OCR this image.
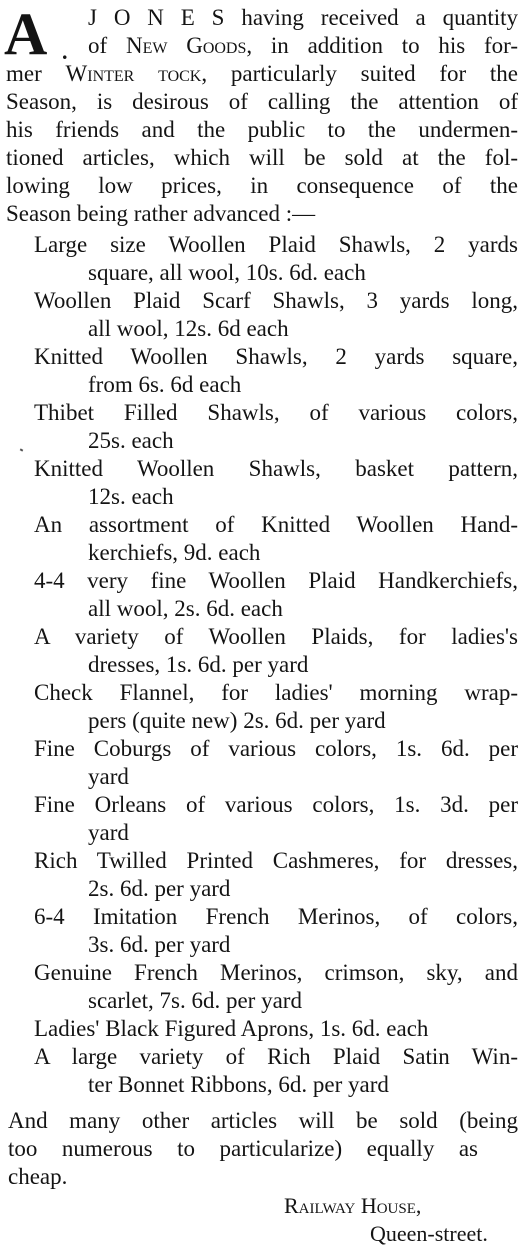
A .
J O N E S having received a quantity
of New Goods, in addition to his for-
mer Winter tock, particularly suited for the
Season, is desirous of calling the attention of
his friends and the public to the undermen-
tioned articles, which will be sold at the fol-
lowing low prices, in consequence of the
Season being rather advanced :—
Large size Woollen Plaid Shawls, 2 yards
square, all wool, 10s. 6d. each
Woollen Plaid Scarf Shawls, 3 yards long,
all wool, 12s. 6d each
Knitted Woollen Shawls, 2 yards square,
from 6s. 6d each
Thibet Filled Shawls, of various colors,
25s. each
Knitted Woollen Shawls, basket pattern,
12s. each
An assortment of Knitted Woollen Hand-
kerchiefs, 9d. each
4-4 very fine Woollen Plaid Handkerchiefs,
all wool, 2s. 6d. each
A variety of Woollen Plaids, for ladies's
dresses, 1s. 6d. per yard
Check Flannel, for ladies' morning wrap-
pers (quite new) 2s. 6d. per yard
Fine Coburgs of various colors, 1s. 6d. per
yard
Fine Orleans of various colors, 1s. 3d. per
yard
Rich Twilled Printed Cashmeres, for dresses,
2s. 6d. per yard
6-4 Imitation French Merinos, of colors,
3s. 6d. per yard
Genuine French Merinos, crimson, sky, and
scarlet, 7s. 6d. per yard
Ladies' Black Figured Aprons, 1s. 6d. each
A large variety of Rich Plaid Satin Win-
ter Bonnet Ribbons, 6d. per yard
And many other articles will be sold (being
too numerous to particularize) equally as
cheap.
Railway House,
Queen-street.
